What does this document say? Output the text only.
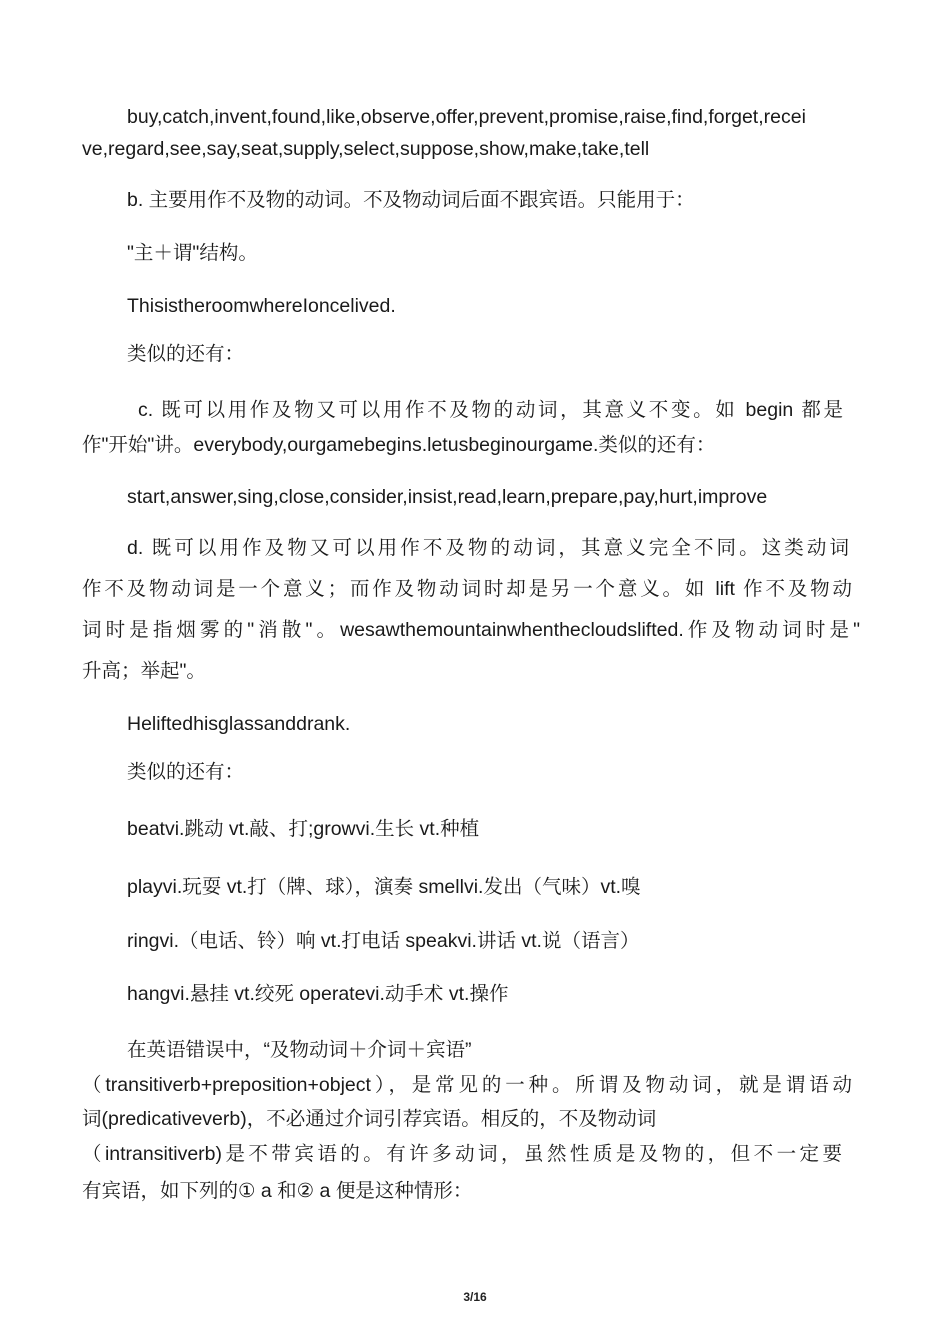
buy,catch,invent,found,like,observe,offer,prevent,promise,raise,find,forget,recei
ve,regard,see,say,seat,supply,select,suppose,show,make,take,tell
b. 主要用作不及物的动词。不及物动词后面不跟宾语。只能用于：
"主＋谓"结构。
ThisistheroomwhereIoncelived.
类似的还有：
c. 既可以用作及物又可以用作不及物的动词，其意义不变。如 begin 都是
作"开始"讲。everybody,ourgamebegins.letusbeginourgame.类似的还有：
start,answer,sing,close,consider,insist,read,learn,prepare,pay,hurt,improve
d. 既可以用作及物又可以用作不及物的动词，其意义完全不同。这类动词
作不及物动词是一个意义；而作及物动词时却是另一个意义。如 lift 作不及物动
词时是指烟雾的"消散"。wesawthemountainwhenthecloudslifted.作及物动词时是"
升高；举起"。
Heliftedhisglassanddrank.
类似的还有：
beatvi.跳动 vt.敲、打;growvi.生长 vt.种植
playvi.玩耍 vt.打（牌、球），演奏 smellvi.发出（气味）vt.嗅
ringvi.（电话、铃）响 vt.打电话 speakvi.讲话 vt.说（语言）
hangvi.悬挂 vt.绞死 operatevi.动手术 vt.操作
在英语错误中，“及物动词＋介词＋宾语”
（transitiverb+preposition+object），是常见的一种。所谓及物动词，就是谓语动
词(predicativeverb)，不必通过介词引荐宾语。相反的，不及物动词
（intransitiverb)是不带宾语的。有许多动词，虽然性质是及物的，但不一定要
有宾语，如下列的① a 和② a 便是这种情形：
3/16
